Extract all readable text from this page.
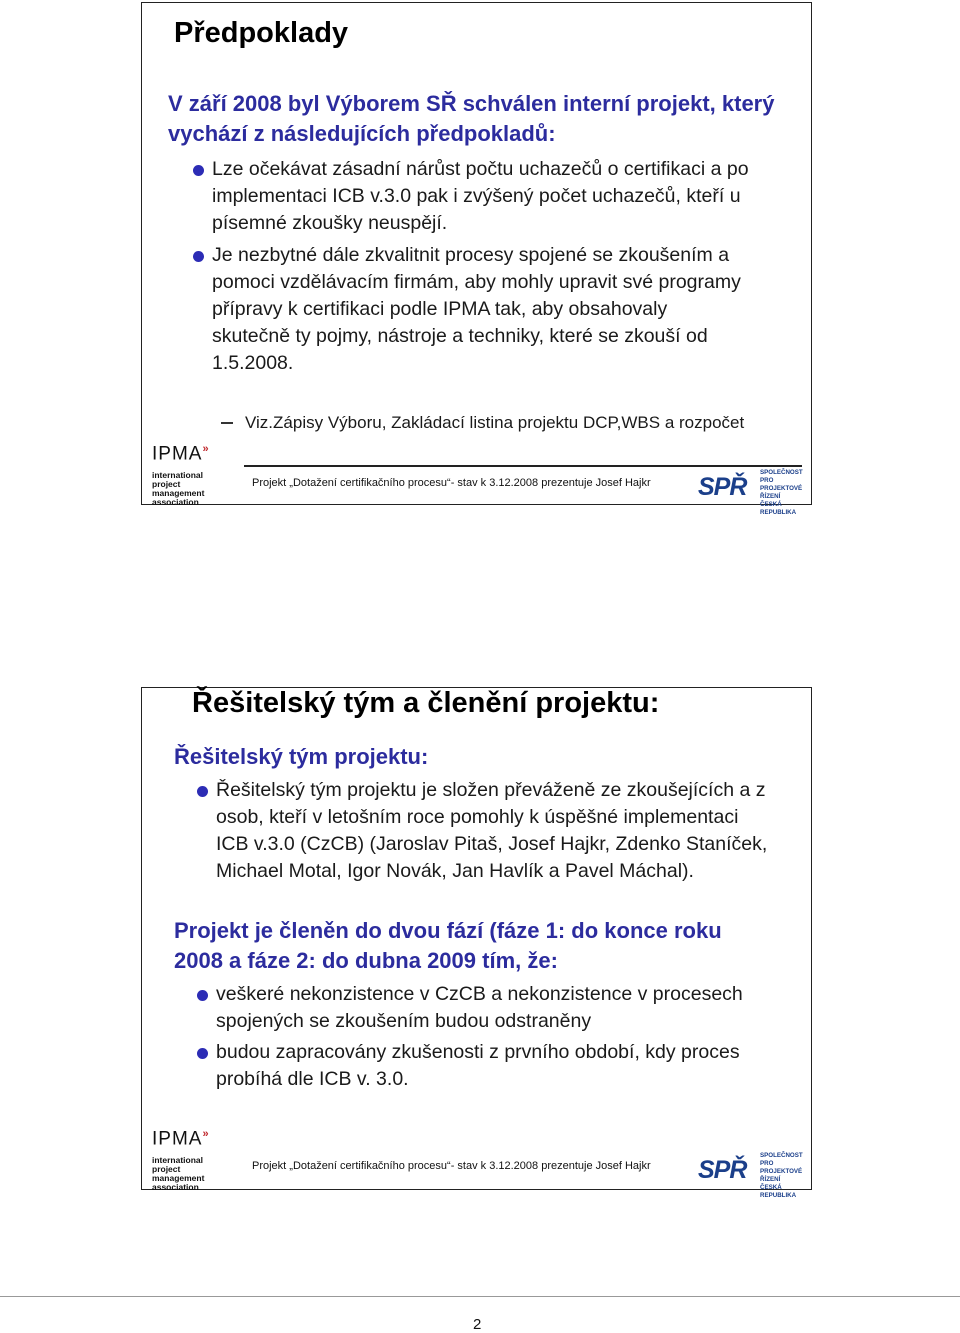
Předpoklady
V září 2008 byl Výborem SŘ schválen interní projekt, který vychází z následujících předpokladů:
Lze očekávat zásadní nárůst počtu uchazečů o certifikaci a po implementaci ICB v.3.0 pak i zvýšený počet uchazečů, kteří u písemné zkoušky neuspějí.
Je nezbytné dále zkvalitnit procesy spojené se zkoušením a pomoci vzdělávacím firmám, aby mohly upravit své programy přípravy k certifikaci podle IPMA tak, aby obsahovaly skutečně ty pojmy, nástroje a techniky, které se zkouší od 1.5.2008.
Viz.Zápisy Výboru, Zakládací listina projektu DCP,WBS a rozpočet
Projekt „Dotažení certifikačního procesu“- stav k 3.12.2008 prezentuje Josef Hajkr
IPMA»
international
project
management
association
SPŘ
SPOLEČNOST PRO
PROJEKTOVÉ ŘÍZENÍ
ČESKÁ REPUBLIKA
Řešitelský tým a členění projektu:
Řešitelský tým projektu:
Řešitelský tým projektu je složen převáženě ze zkoušejících a z osob, kteří v letošním roce pomohly k úspěšné implementaci ICB v.3.0 (CzCB) (Jaroslav Pitaš, Josef Hajkr, Zdenko Staníček, Michael Motal, Igor Novák, Jan Havlík a Pavel Máchal).
Projekt je členěn do dvou fází (fáze 1: do konce roku 2008 a fáze 2: do dubna 2009 tím, že:
veškeré nekonzistence v CzCB a nekonzistence v procesech spojených se zkoušením budou odstraněny
budou zapracovány zkušenosti z prvního období, kdy proces probíhá dle ICB v. 3.0.
Projekt „Dotažení certifikačního procesu“- stav k 3.12.2008 prezentuje Josef Hajkr
IPMA»
international
project
management
association
SPŘ
SPOLEČNOST PRO
PROJEKTOVÉ ŘÍZENÍ
ČESKÁ REPUBLIKA
2
